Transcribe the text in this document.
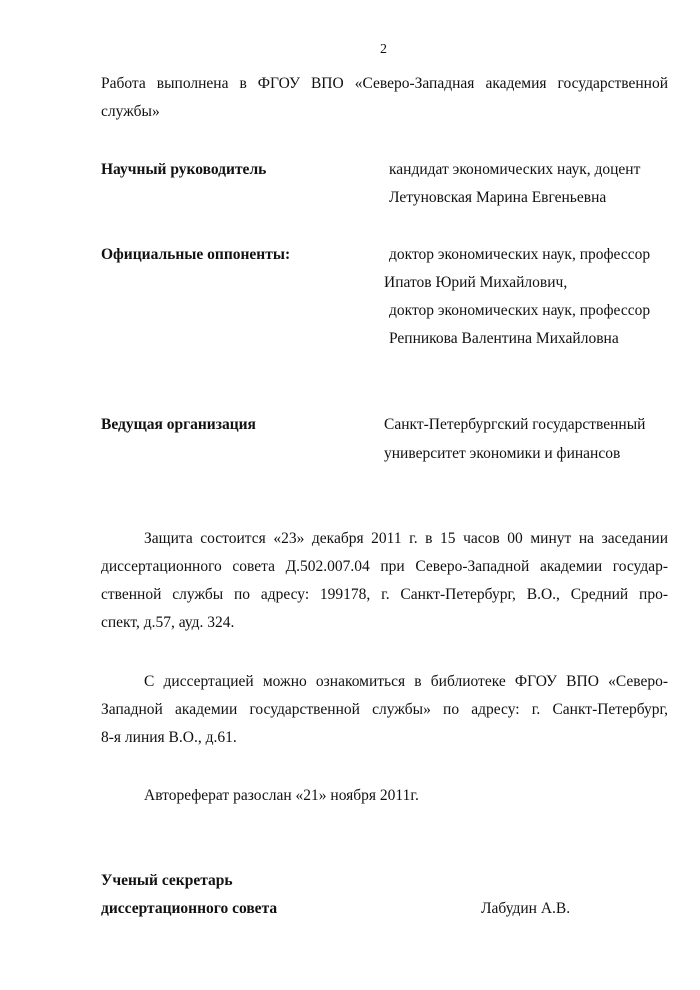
2
Работа выполнена в ФГОУ ВПО «Северо-Западная академия государственной
службы»
Научный руководитель	кандидат экономических наук, доцент
Летуновская Марина Евгеньевна
Официальные оппоненты:	доктор экономических наук, профессор
Ипатов Юрий Михайлович,
доктор экономических наук, профессор
Репникова Валентина Михайловна
Ведущая организация	Санкт-Петербургский государственный
университет экономики и финансов
Защита состоится «23» декабря 2011 г. в 15 часов 00 минут на заседании
диссертационного совета Д.502.007.04 при Северо-Западной академии государ-
ственной службы по адресу: 199178, г. Санкт-Петербург, В.О., Средний про-
спект, д.57, ауд. 324.
С диссертацией можно ознакомиться в библиотеке ФГОУ ВПО «Северо-
Западной академии государственной службы» по адресу: г. Санкт-Петербург,
8-я линия В.О., д.61.
Автореферат разослан «21» ноября 2011г.
Ученый секретарь
диссертационного совета	Лабудин А.В.
